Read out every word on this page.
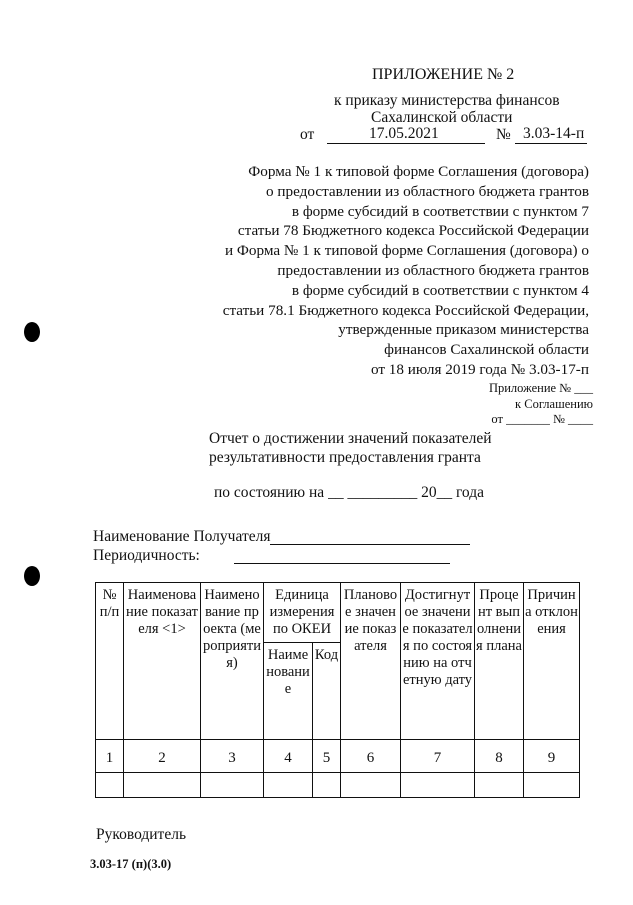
ПРИЛОЖЕНИЕ № 2
к приказу министерства финансов
Сахалинской области
от	17.05.2021	№ 3.03-14-п
Форма № 1 к типовой форме Соглашения (договора)
о предоставлении из областного бюджета грантов
в форме субсидий в соответствии с пунктом 7
статьи 78 Бюджетного кодекса Российской Федерации
и Форма № 1 к типовой форме Соглашения (договора) о
предоставлении из областного бюджета грантов
в форме субсидий в соответствии с пунктом 4
статьи 78.1 Бюджетного кодекса Российской Федерации,
утвержденные приказом министерства
финансов Сахалинской области
от 18 июля 2019 года № 3.03-17-п
Приложение № ___
к Соглашению
от _______ № ____
Отчет о достижении значений показателей
результативности предоставления гранта
по состоянию на __ _________ 20__ года
Наименование Получателя
Периодичность:
№ п/п	Наименование показателя <1>	Наименование проекта (мероприятия)	Единица измерения по ОКЕИ		Плановое значение показателя	Достигнутое значение показателя по состоянию на отчетную дату	Процент выполнения плана	Причина отклонения
			Наименование	Код				
1	2	3	4	5	6	7	8	9

Руководитель
3.03-17 (п)(3.0)
